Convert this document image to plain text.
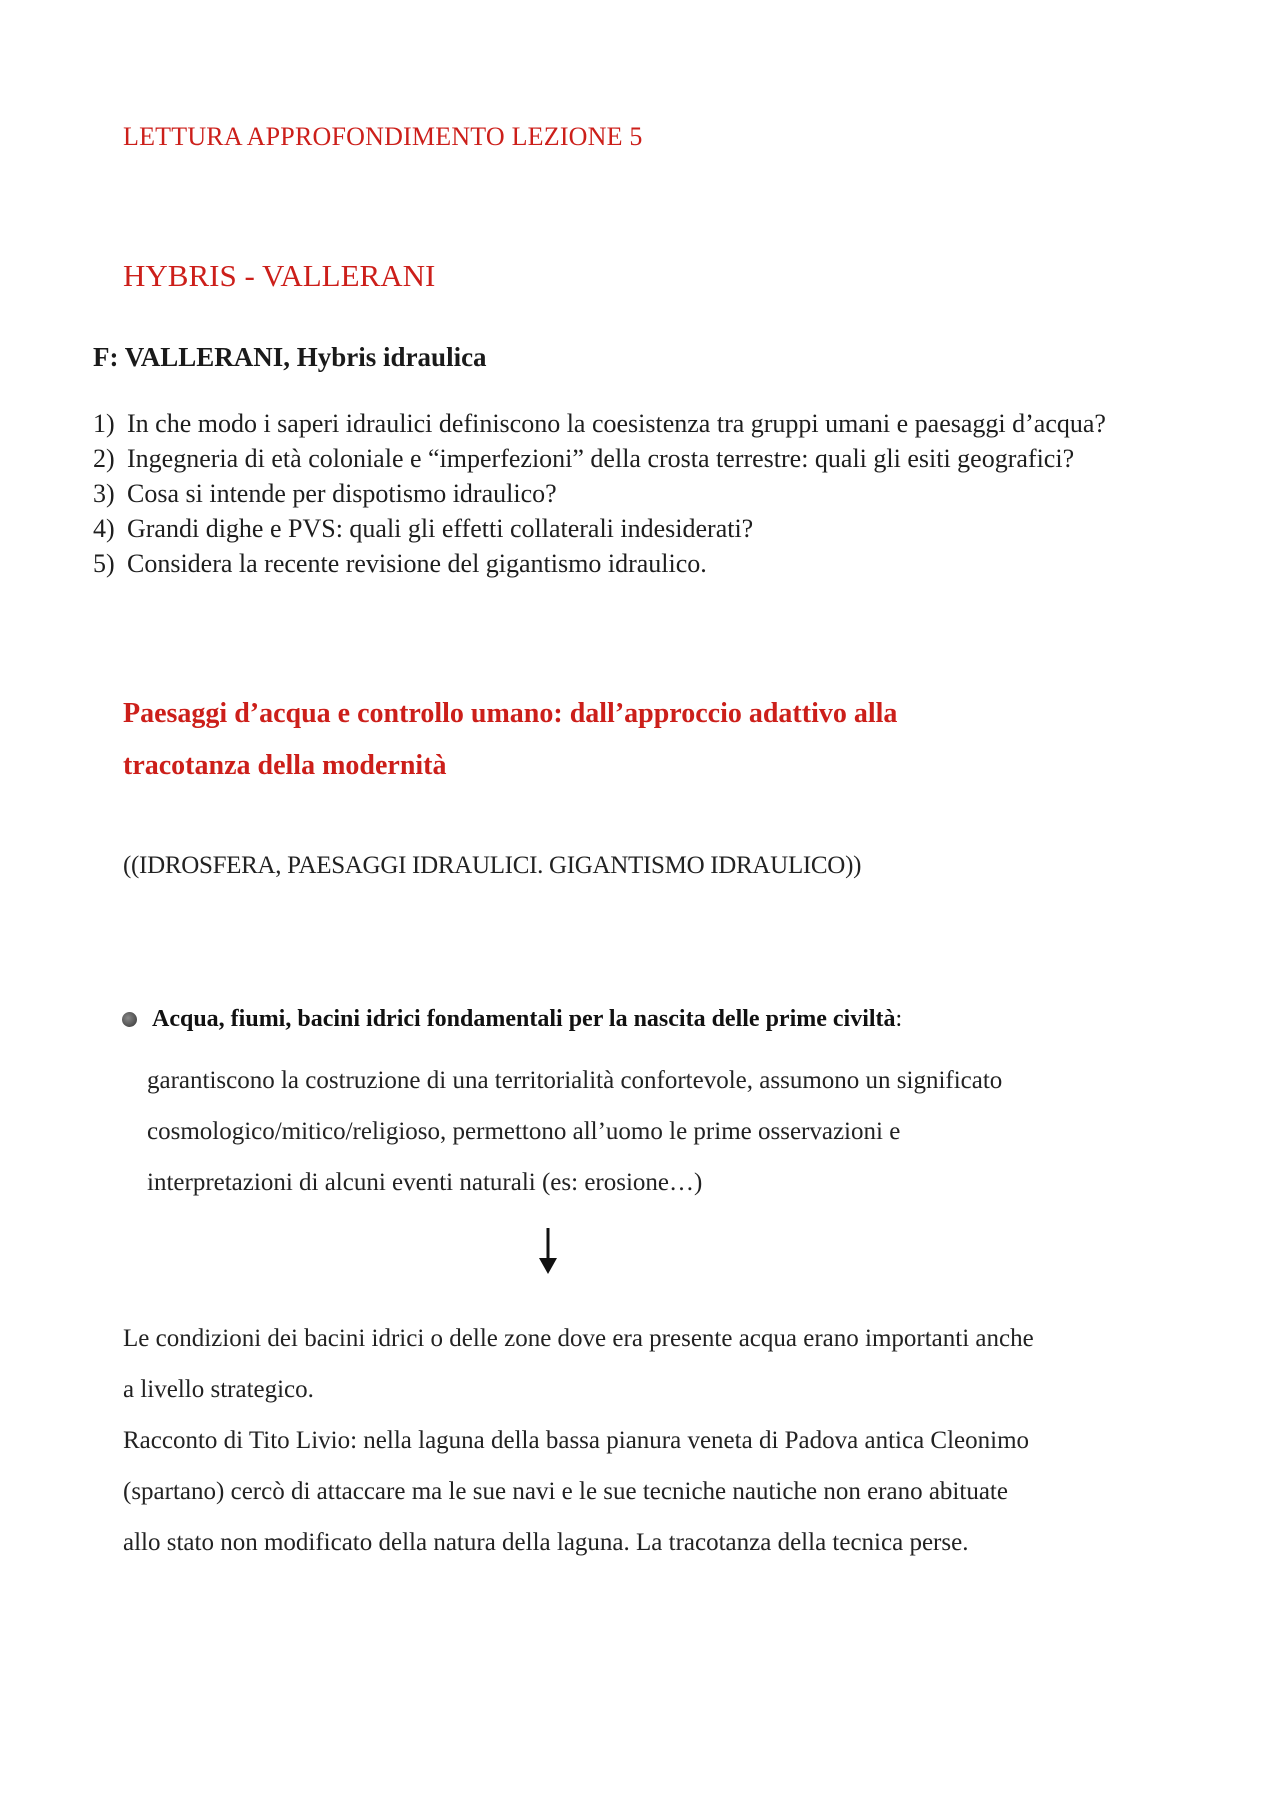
LETTURA APPROFONDIMENTO LEZIONE 5
HYBRIS - VALLERANI
F: VALLERANI, Hybris idraulica
1) In che modo i saperi idraulici definiscono la coesistenza tra gruppi umani e paesaggi d’acqua?
2) Ingegneria di età coloniale e “imperfezioni” della crosta terrestre: quali gli esiti geografici?
3) Cosa si intende per dispotismo idraulico?
4) Grandi dighe e PVS: quali gli effetti collaterali indesiderati?
5) Considera la recente revisione del gigantismo idraulico.
Paesaggi d’acqua e controllo umano: dall’approccio adattivo alla
tracotanza della modernità
((IDROSFERA, PAESAGGI IDRAULICI. GIGANTISMO IDRAULICO))
Acqua, fiumi, bacini idrici fondamentali per la nascita delle prime civiltà:
garantiscono la costruzione di una territorialità confortevole, assumono un significato
cosmologico/mitico/religioso, permettono all’uomo le prime osservazioni e
interpretazioni di alcuni eventi naturali (es: erosione…)
Le condizioni dei bacini idrici o delle zone dove era presente acqua erano importanti anche
a livello strategico.
Racconto di Tito Livio: nella laguna della bassa pianura veneta di Padova antica Cleonimo
(spartano) cercò di attaccare ma le sue navi e le sue tecniche nautiche non erano abituate
allo stato non modificato della natura della laguna. La tracotanza della tecnica perse.
